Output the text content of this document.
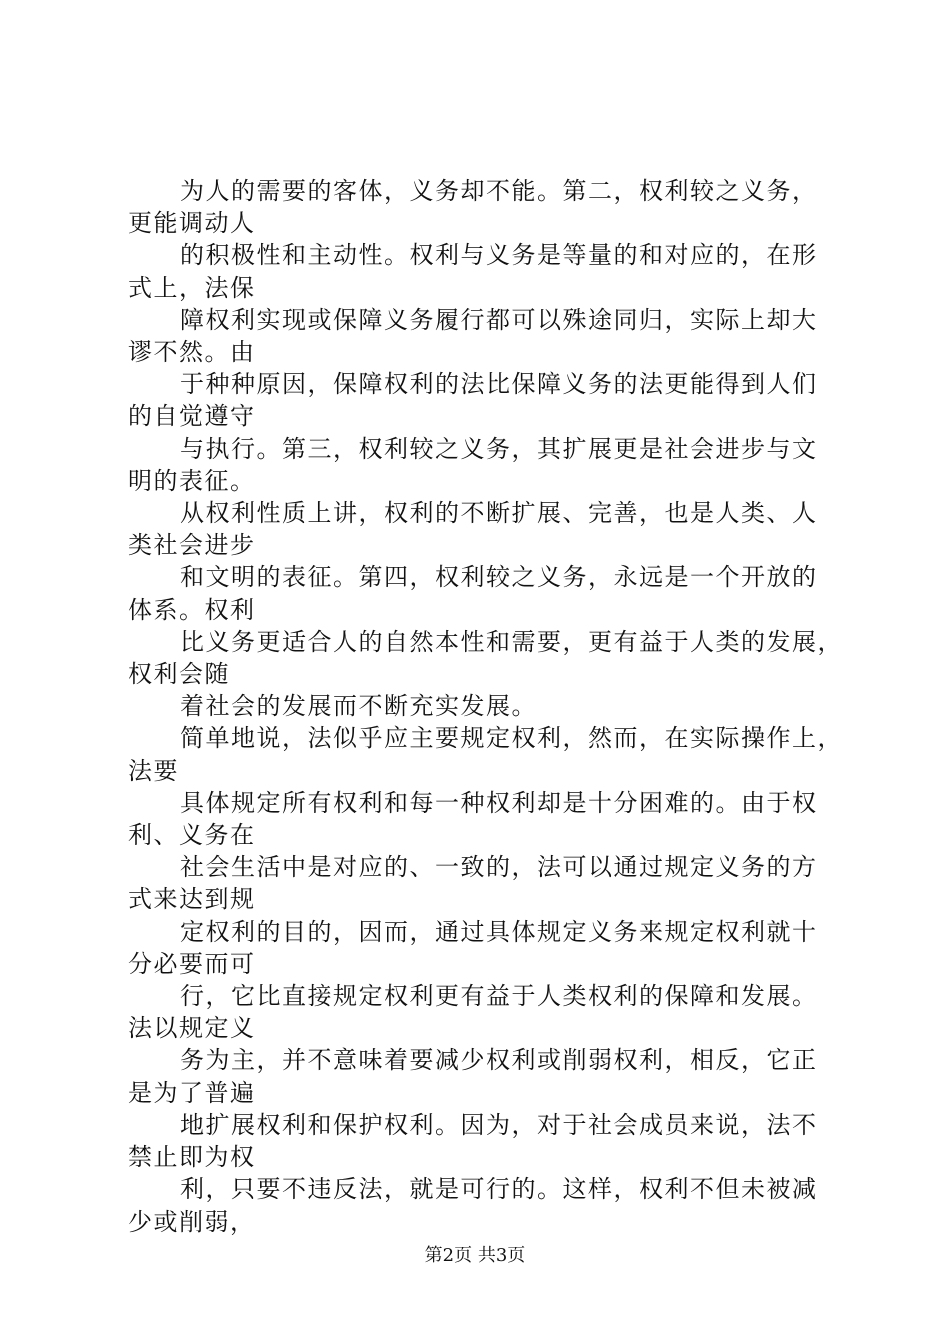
为人的需要的客体，义务却不能。第二，权利较之义务，
更能调动人
的积极性和主动性。权利与义务是等量的和对应的，在形
式上，法保
障权利实现或保障义务履行都可以殊途同归，实际上却大
谬不然。由
于种种原因，保障权利的法比保障义务的法更能得到人们
的自觉遵守
与执行。第三，权利较之义务，其扩展更是社会进步与文
明的表征。
从权利性质上讲，权利的不断扩展、完善，也是人类、人
类社会进步
和文明的表征。第四，权利较之义务，永远是一个开放的
体系。权利
比义务更适合人的自然本性和需要，更有益于人类的发展，
权利会随
着社会的发展而不断充实发展。
简单地说，法似乎应主要规定权利，然而，在实际操作上，
法要
具体规定所有权利和每一种权利却是十分困难的。由于权
利、义务在
社会生活中是对应的、一致的，法可以通过规定义务的方
式来达到规
定权利的目的，因而，通过具体规定义务来规定权利就十
分必要而可
行，它比直接规定权利更有益于人类权利的保障和发展。
法以规定义
务为主，并不意味着要减少权利或削弱权利，相反，它正
是为了普遍
地扩展权利和保护权利。因为，对于社会成员来说，法不
禁止即为权
利，只要不违反法，就是可行的。这样，权利不但未被减
少或削弱，
第2页 共3页
